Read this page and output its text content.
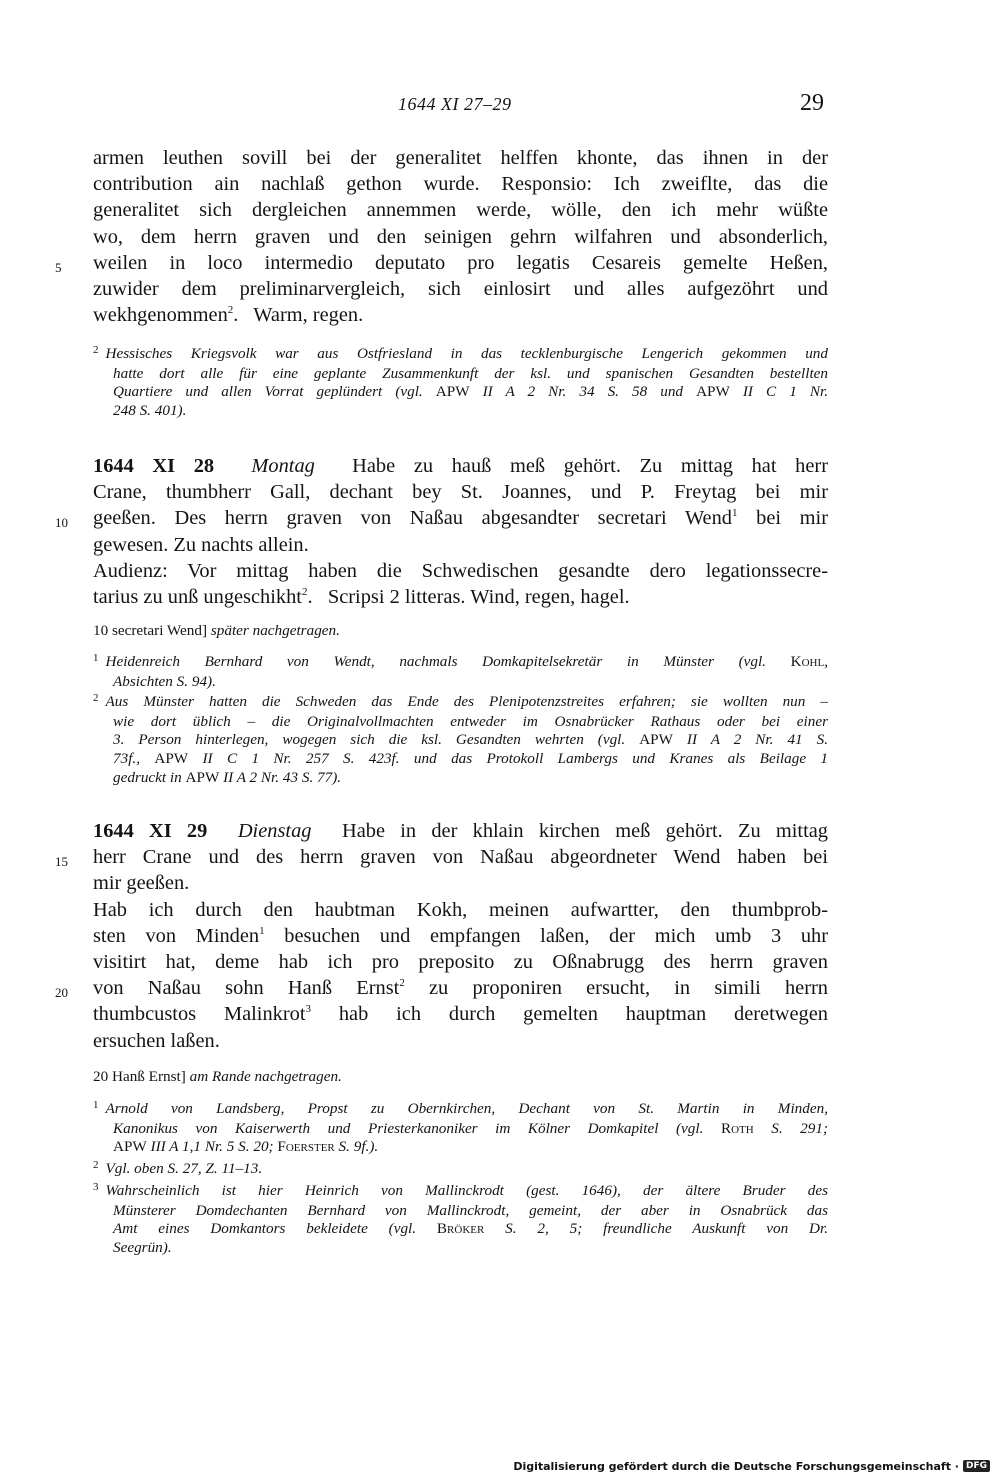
1644 XI 27–29	29
armen leuthen sovill bei der generalitet helffen khonte, das ihnen in der
contribution ain nachlaß gethon wurde. Responsio: Ich zweiflte, das die
generalitet sich dergleichen annemmen werde, wölle, den ich mehr wüßte
wo, dem herrn graven und den seinigen gehrn wilfahren und absonderlich,
5 weilen in loco intermedio deputato pro legatis Cesareis gemelte Heßen,
zuwider dem preliminarvergleich, sich einlosirt und alles aufgezöhrt und
wekhgenommen$^2$.   Warm, regen.
$^2$ Hessisches Kriegsvolk war aus Ostfriesland in das tecklenburgische Lengerich gekommen und
hatte dort alle für eine geplante Zusammenkunft der ksl. und spanischen Gesandten bestellten
Quartiere und allen Vorrat geplündert (vgl. APW II A 2 Nr. 34 S. 58 und APW II C 1 Nr.
248 S. 401).
1644 XI 28 Montag Habe zu hauß meß gehört. Zu mittag hat herr
Crane, thumbherr Gall, dechant bey St. Joannes, und P. Freytag bei mir
10 geeßen. Des herrn graven von Naßau abgesandter secretari Wend$^1$ bei mir
gewesen. Zu nachts allein.
Audienz: Vor mittag haben die Schwedischen gesandte dero legationssecre-
tarius zu unß ungeschikht$^2$.   Scripsi 2 litteras. Wind, regen, hagel.
10 secretari Wend] später nachgetragen.
$^1$ Heidenreich Bernhard von Wendt, nachmals Domkapitelsekretär in Münster (vgl. Kohl,
Absichten S. 94).
$^2$ Aus Münster hatten die Schweden das Ende des Plenipotenzstreites erfahren; sie wollten nun –
wie dort üblich – die Originalvollmachten entweder im Osnabrücker Rathaus oder bei einer
3. Person hinterlegen, wogegen sich die ksl. Gesandten wehrten (vgl. APW II A 2 Nr. 41 S.
73f., APW II C 1 Nr. 257 S. 423f. und das Protokoll Lambergs und Kranes als Beilage 1
gedruckt in APW II A 2 Nr. 43 S. 77).
1644 XI 29 Dienstag Habe in der khlain kirchen meß gehört. Zu mittag
15 herr Crane und des herrn graven von Naßau abgeordneter Wend haben bei
mir geeßen.
Hab ich durch den haubtman Kokh, meinen aufwartter, den thumbprob-
sten von Minden$^1$ besuchen und empfangen laßen, der mich umb 3 uhr
visitirt hat, deme hab ich pro preposito zu Oßnabrugg des herrn graven
20 von Naßau sohn Hanß Ernst$^2$ zu proponiren ersucht, in simili herrn
thumbcustos Malinkrot$^3$ hab ich durch gemelten hauptman deretwegen
ersuchen laßen.
20 Hanß Ernst] am Rande nachgetragen.
$^1$ Arnold von Landsberg, Propst zu Obernkirchen, Dechant von St. Martin in Minden,
Kanonikus von Kaiserwerth und Priesterkanoniker im Kölner Domkapitel (vgl. Roth S. 291;
APW III A 1,1 Nr. 5 S. 20; Foerster S. 9f.).
$^2$ Vgl. oben S. 27, Z. 11–13.
$^3$ Wahrscheinlich ist hier Heinrich von Mallinckrodt (gest. 1646), der ältere Bruder des
Münsterer Domdechanten Bernhard von Mallinckrodt, gemeint, der aber in Osnabrück das
Amt eines Domkantors bekleidete (vgl. Bröker S. 2, 5; freundliche Auskunft von Dr.
Seegrün).
Digitalisierung gefördert durch die Deutsche Forschungsgemeinschaft · DFG
